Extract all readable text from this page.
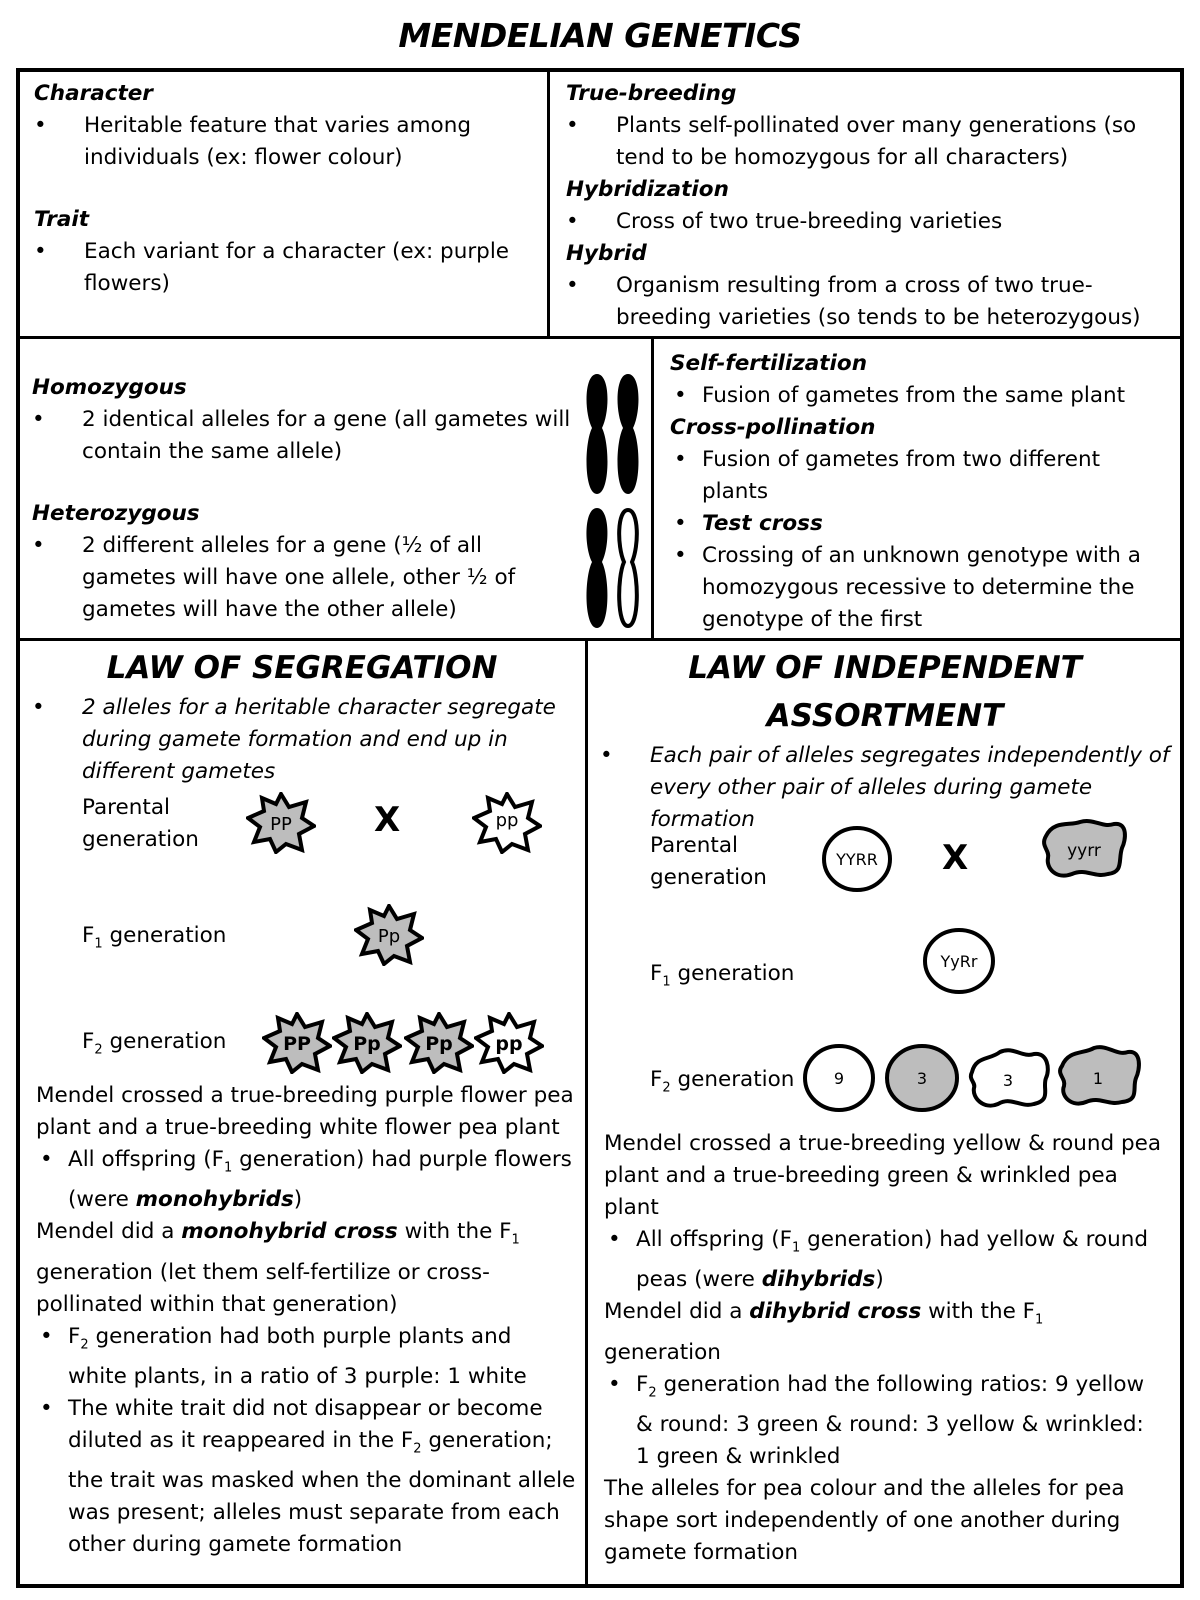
MENDELIAN GENETICS
Character
• Heritable feature that varies among individuals (ex: flower colour)
Trait
• Each variant for a character (ex: purple flowers)
True-breeding
• Plants self-pollinated over many generations (so tend to be homozygous for all characters)
Hybridization
• Cross of two true-breeding varieties
Hybrid
• Organism resulting from a cross of two true-breeding varieties (so tends to be heterozygous)
Homozygous
• 2 identical alleles for a gene (all gametes will contain the same allele)
Heterozygous
• 2 different alleles for a gene (½ of all gametes will have one allele, other ½ of gametes will have the other allele)
Self-fertilization
• Fusion of gametes from the same plant
Cross-pollination
• Fusion of gametes from two different plants
• Test cross
• Crossing of an unknown genotype with a homozygous recessive to determine the genotype of the first
LAW OF SEGREGATION
• 2 alleles for a heritable character segregate during gamete formation and end up in different gametes
Parental generation
$F_1$ generation
$F_2$ generation
X
PP	pp
Pp
PP Pp Pp pp
Mendel crossed a true-breeding purple flower pea plant and a true-breeding white flower pea plant
• All offspring ($F_1$ generation) had purple flowers (were monohybrids)
Mendel did a monohybrid cross with the $F_1$ generation (let them self-fertilize or cross-pollinated within that generation)
• $F_2$ generation had both purple plants and white plants, in a ratio of 3 purple: 1 white
• The white trait did not disappear or become diluted as it reappeared in the $F_2$ generation; the trait was masked when the dominant allele was present; alleles must separate from each other during gamete formation
LAW OF INDEPENDENT
ASSORTMENT
• Each pair of alleles segregates independently of every other pair of alleles during gamete formation
Parental generation
$F_1$ generation
$F_2$ generation
X
YYRR	yyrr
YyRr
9	3	3	1
Mendel crossed a true-breeding yellow & round pea plant and a true-breeding green & wrinkled pea plant
• All offspring ($F_1$ generation) had yellow & round peas (were dihybrids)
Mendel did a dihybrid cross with the $F_1$ generation
• $F_2$ generation had the following ratios: 9 yellow & round: 3 green & round: 3 yellow & wrinkled: 1 green & wrinkled
The alleles for pea colour and the alleles for pea shape sort independently of one another during gamete formation
